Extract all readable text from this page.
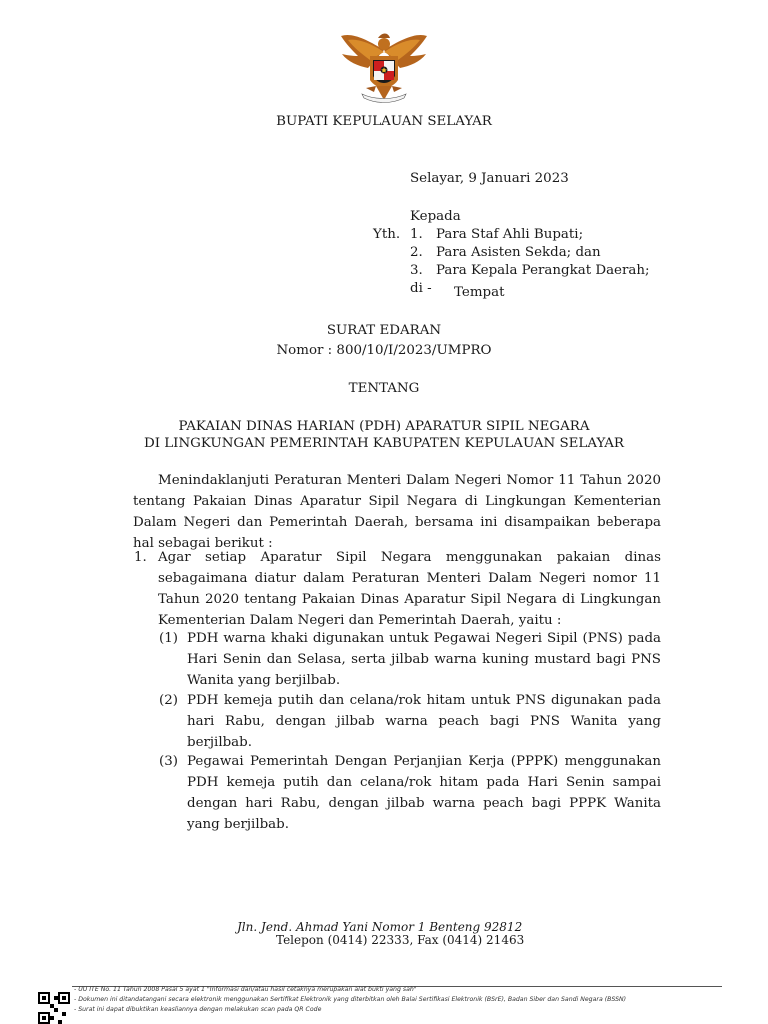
BUPATI KEPULAUAN SELAYAR
Selayar, 9 Januari 2023
Kepada
Yth. 1. Para Staf Ahli Bupati;
2. Para Asisten Sekda; dan
3. Para Kepala Perangkat Daerah;
di - Tempat
SURAT EDARAN
Nomor : 800/10/I/2023/UMPRO
TENTANG
PAKAIAN DINAS HARIAN (PDH) APARATUR SIPIL NEGARA
DI LINGKUNGAN PEMERINTAH KABUPATEN KEPULAUAN SELAYAR
Menindaklanjuti Peraturan Menteri Dalam Negeri Nomor 11 Tahun 2020 tentang Pakaian Dinas Aparatur Sipil Negara di Lingkungan Kementerian Dalam Negeri dan Pemerintah Daerah, bersama ini disampaikan beberapa hal sebagai berikut :
1. Agar setiap Aparatur Sipil Negara menggunakan pakaian dinas sebagaimana diatur dalam Peraturan Menteri Dalam Negeri nomor 11 Tahun 2020 tentang Pakaian Dinas Aparatur Sipil Negara di Lingkungan Kementerian Dalam Negeri dan Pemerintah Daerah, yaitu :
(1) PDH warna khaki digunakan untuk Pegawai Negeri Sipil (PNS) pada Hari Senin dan Selasa, serta jilbab warna kuning mustard bagi PNS Wanita yang berjilbab.
(2) PDH kemeja putih dan celana/rok hitam untuk PNS digunakan pada hari Rabu, dengan jilbab warna peach bagi PNS Wanita yang berjilbab.
(3) Pegawai Pemerintah Dengan Perjanjian Kerja (PPPK) menggunakan PDH kemeja putih dan celana/rok hitam pada Hari Senin sampai dengan hari Rabu, dengan jilbab warna peach bagi PPPK Wanita yang berjilbab.
Jln. Jend. Ahmad Yani Nomor 1 Benteng 92812
Telepon (0414) 22333, Fax (0414) 21463
- UU ITE No. 11 Tahun 2008 Pasal 5 ayat 1 "Informasi dan/atau hasil cetaknya merupakan alat bukti yang sah"
- Dokumen ini ditandatangani secara elektronik menggunakan Sertifikat Elektronik yang diterbitkan oleh Balai Sertifikasi Elektronik (BSrE), Badan Siber dan Sandi Negara (BSSN)
- Surat ini dapat dibuktikan keasliannya dengan melakukan scan pada QR Code
